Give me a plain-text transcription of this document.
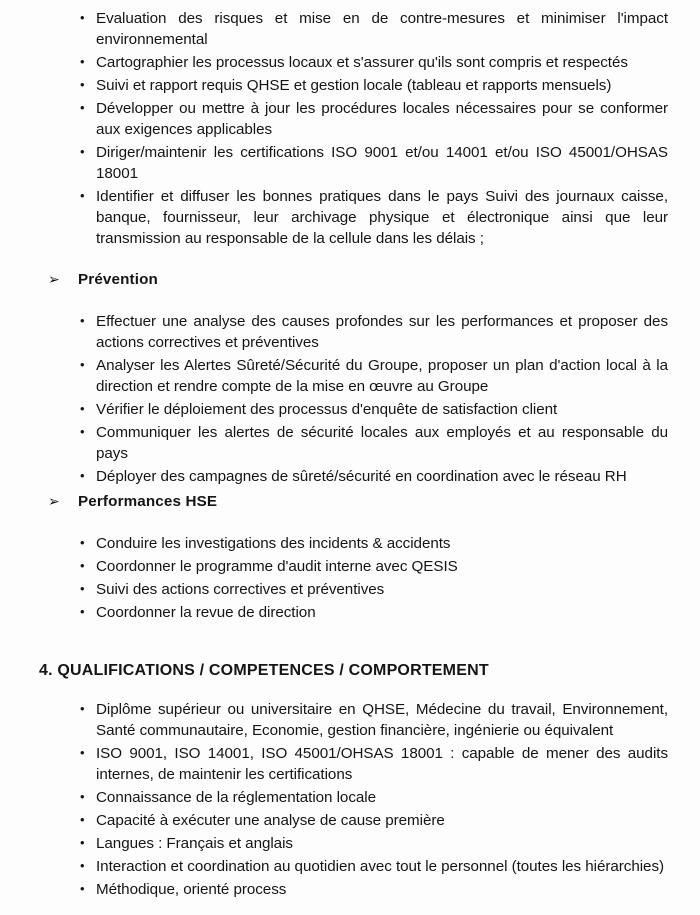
• Evaluation des risques et mise en de contre-mesures et minimiser l'impact environnemental
• Cartographier les processus locaux et s'assurer qu'ils sont compris et respectés
• Suivi et rapport requis QHSE et gestion locale (tableau et rapports mensuels)
• Développer ou mettre à jour les procédures locales nécessaires pour se conformer aux exigences applicables
• Diriger/maintenir les certifications ISO 9001 et/ou 14001 et/ou ISO 45001/OHSAS 18001
• Identifier et diffuser les bonnes pratiques dans le pays Suivi des journaux caisse, banque, fournisseur, leur archivage physique et électronique ainsi que leur transmission au responsable de la cellule dans les délais ;
➢ Prévention
• Effectuer une analyse des causes profondes sur les performances et proposer des actions correctives et préventives
• Analyser les Alertes Sûreté/Sécurité du Groupe, proposer un plan d'action local à la direction et rendre compte de la mise en œuvre au Groupe
• Vérifier le déploiement des processus d'enquête de satisfaction client
• Communiquer les alertes de sécurité locales aux employés et au responsable du pays
• Déployer des campagnes de sûreté/sécurité en coordination avec le réseau RH
➢ Performances HSE
• Conduire les investigations des incidents & accidents
• Coordonner le programme d'audit interne avec QESIS
• Suivi des actions correctives et préventives
• Coordonner la revue de direction
4. QUALIFICATIONS / COMPETENCES / COMPORTEMENT
• Diplôme supérieur ou universitaire en QHSE, Médecine du travail, Environnement, Santé communautaire, Economie, gestion financière, ingénierie ou équivalent
• ISO 9001, ISO 14001, ISO 45001/OHSAS 18001 : capable de mener des audits internes, de maintenir les certifications
• Connaissance de la réglementation locale
• Capacité à exécuter une analyse de cause première
• Langues : Français et anglais
• Interaction et coordination au quotidien avec tout le personnel (toutes les hiérarchies)
• Méthodique, orienté process
